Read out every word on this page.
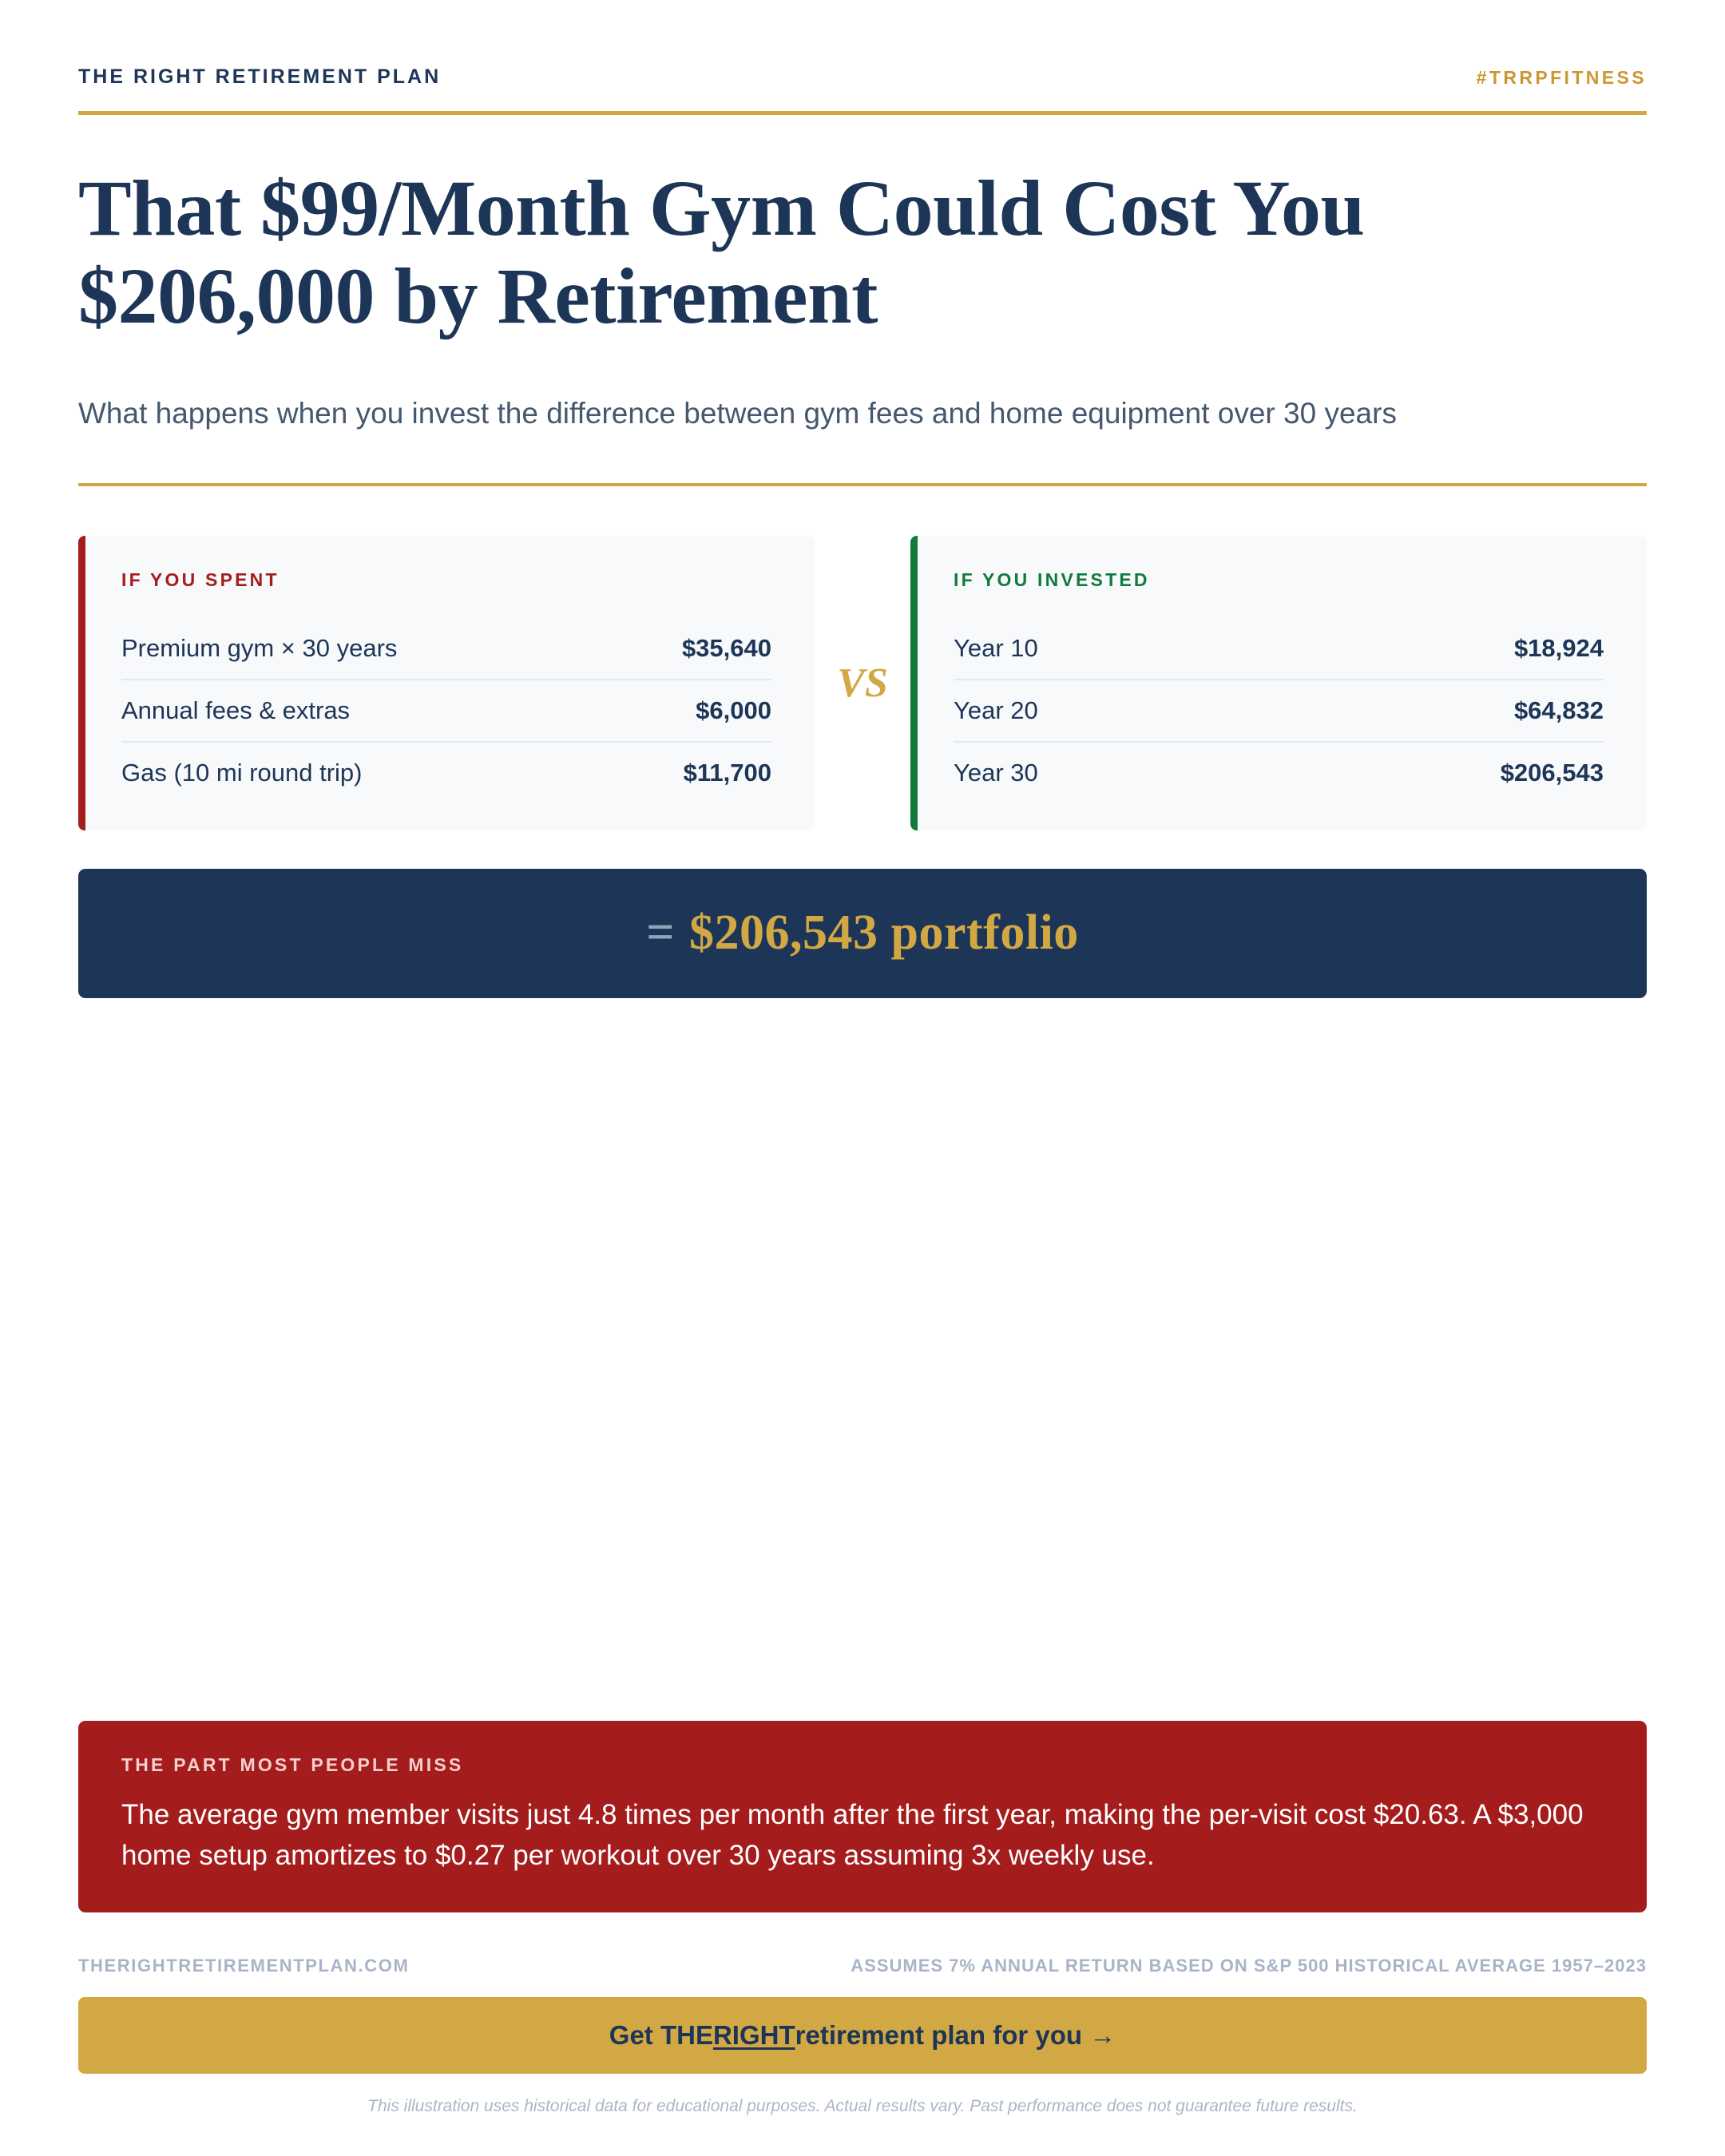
THE RIGHT RETIREMENT PLAN	#TRRPFITNESS
That $99/Month Gym Could Cost You $206,000 by Retirement

What happens when you invest the difference between gym fees and home equipment over 30 years

IF YOU SPENT
Premium gym × 30 years	$35,640
Annual fees & extras	$6,000
Gas (10 mi round trip)	$11,700
VS
IF YOU INVESTED
Year 10	$18,924
Year 20	$64,832
Year 30	$206,543
= $206,543 portfolio
THE PART MOST PEOPLE MISS
The average gym member visits just 4.8 times per month after the first year, making the per-visit cost $20.63. A $3,000 home setup amortizes to $0.27 per workout over 30 years assuming 3x weekly use.
THERIGHTRETIREMENTPLAN.COM	ASSUMES 7% ANNUAL RETURN BASED ON S&P 500 HISTORICAL AVERAGE 1957–2023
Get THE RIGHT retirement plan for you →
This illustration uses historical data for educational purposes. Actual results vary. Past performance does not guarantee future results.
